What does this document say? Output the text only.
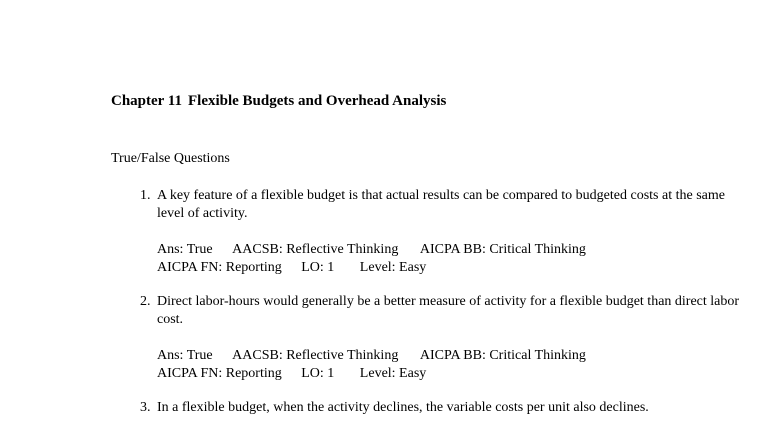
Chapter 11 Flexible Budgets and Overhead Analysis
True/False Questions
1. A key feature of a flexible budget is that actual results can be compared to budgeted costs at the same level of activity.
Ans: True AACSB: Reflective Thinking AICPA BB: Critical Thinking
AICPA FN: Reporting LO: 1 Level: Easy
2. Direct labor-hours would generally be a better measure of activity for a flexible budget than direct labor cost.
Ans: True AACSB: Reflective Thinking AICPA BB: Critical Thinking
AICPA FN: Reporting LO: 1 Level: Easy
3. In a flexible budget, when the activity declines, the variable costs per unit also declines.
